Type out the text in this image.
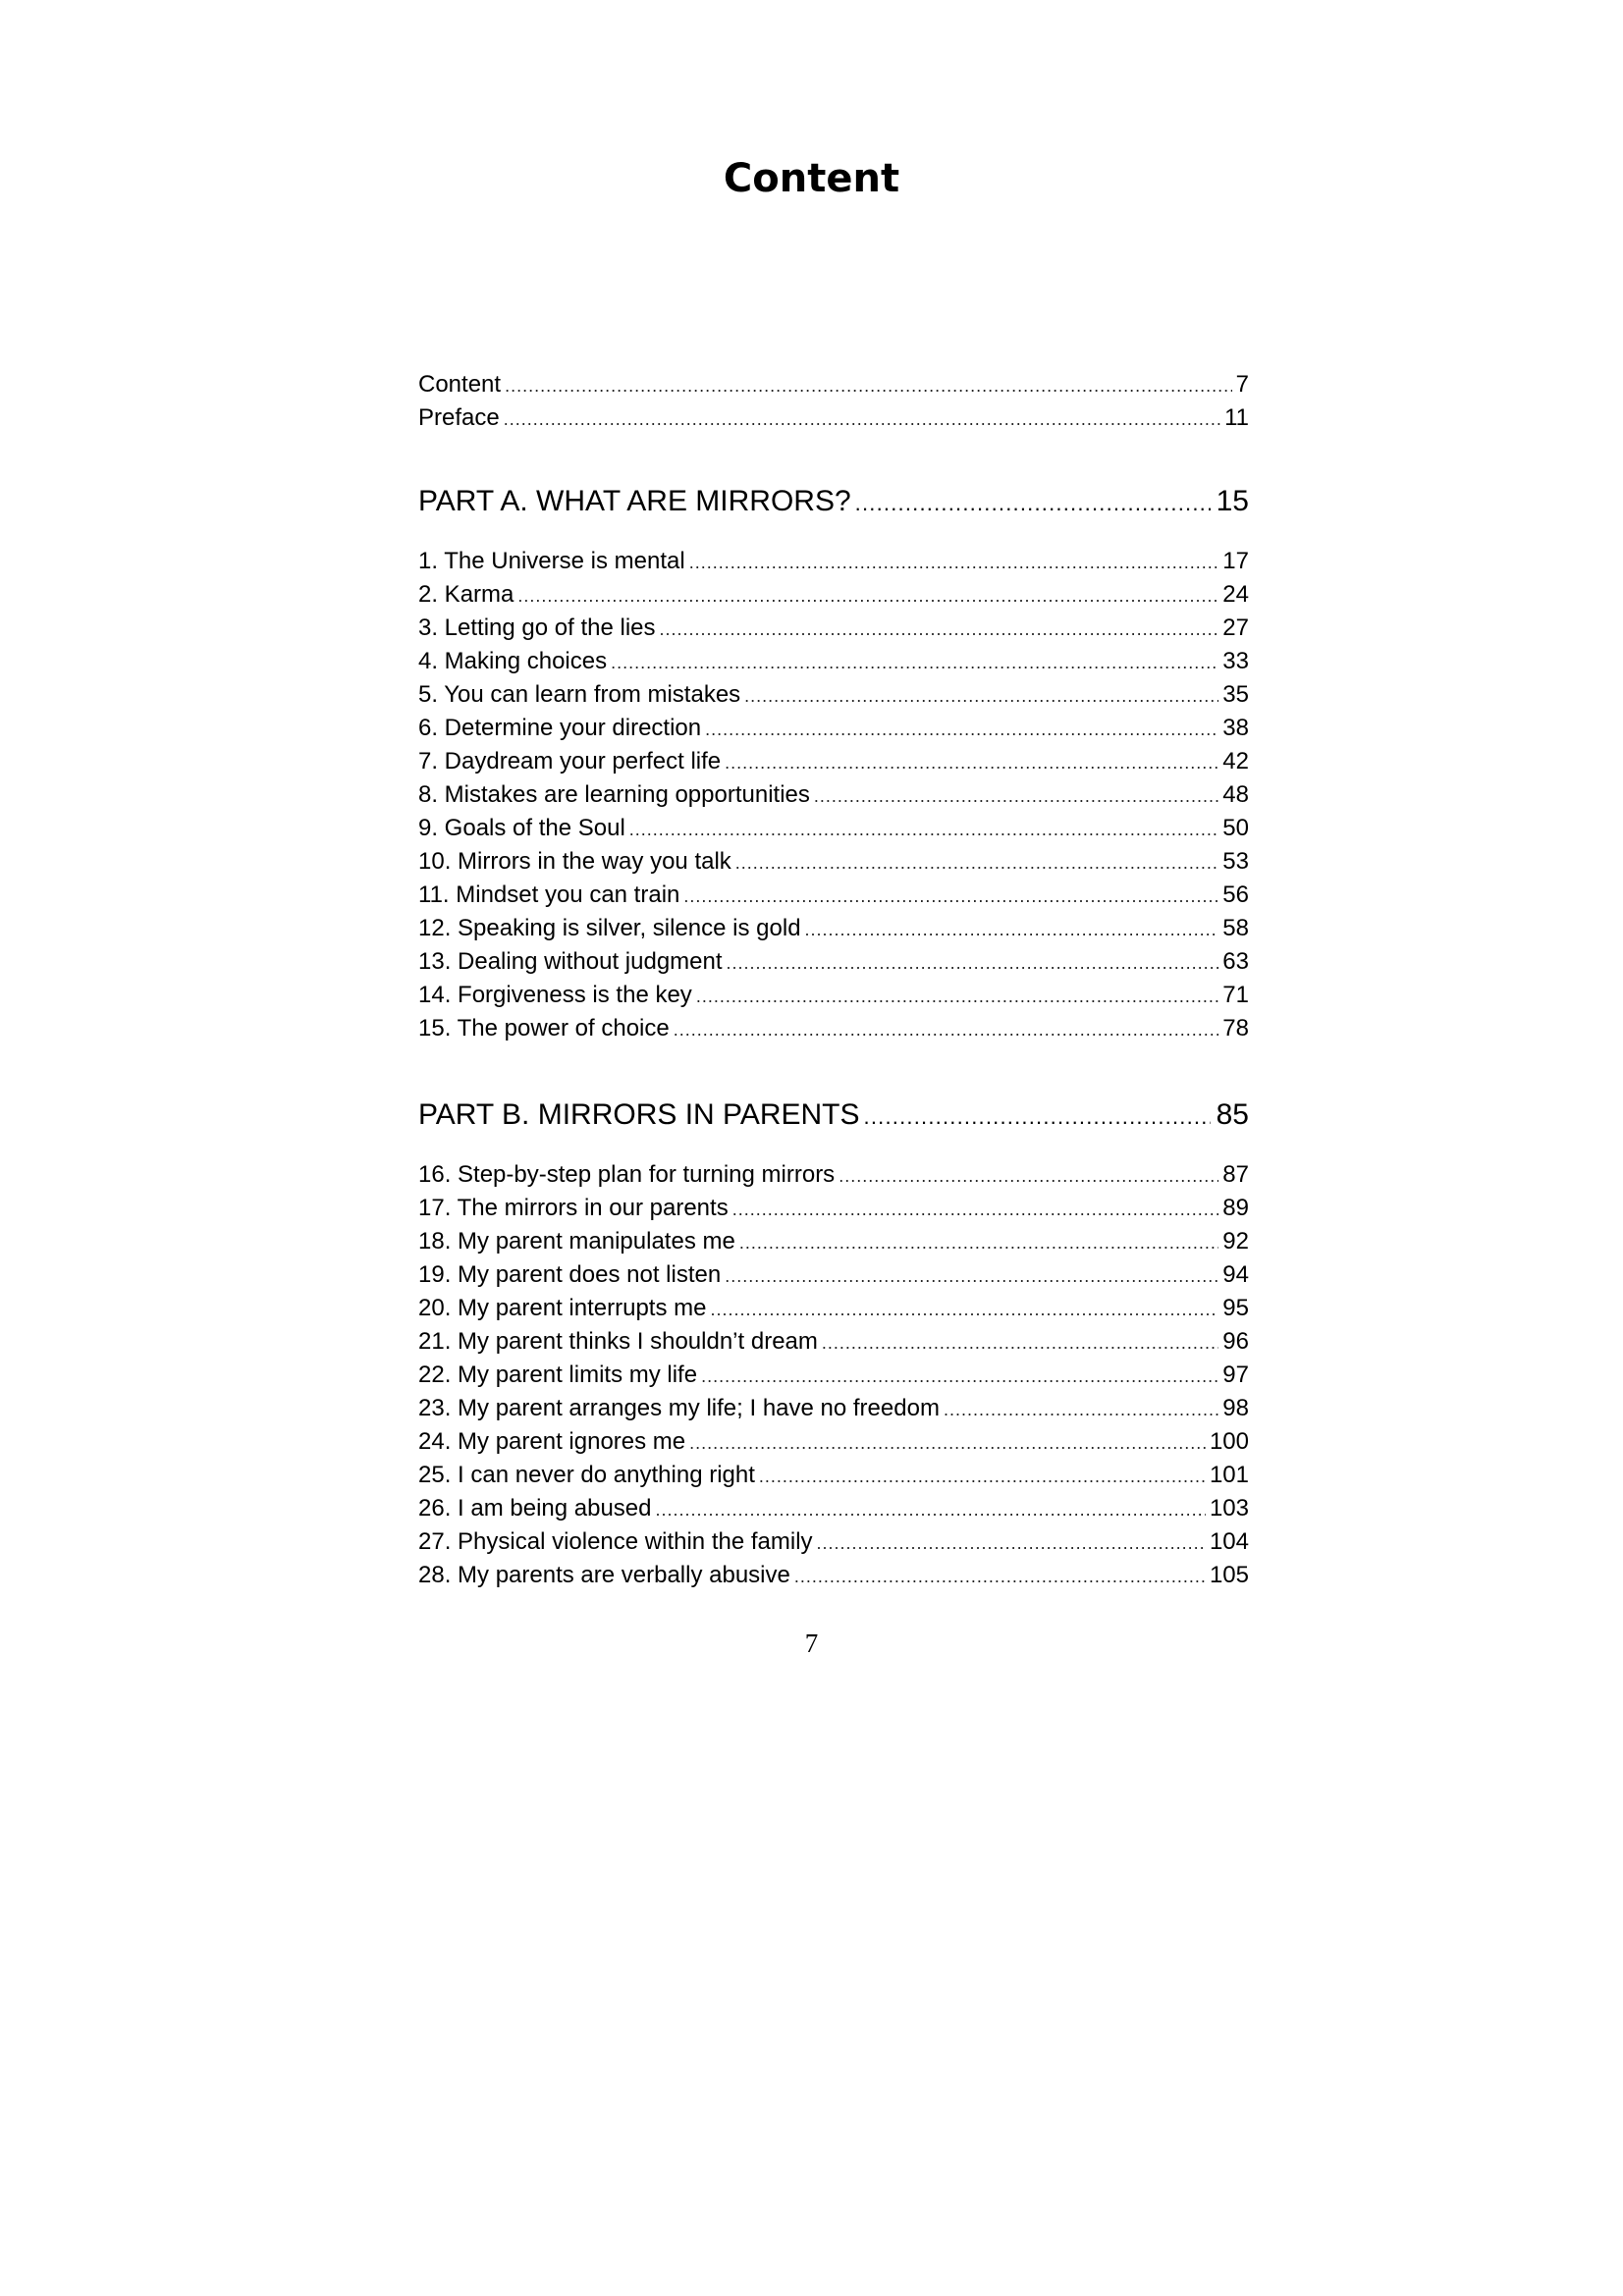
Content
Content .....	7
Preface .....	11
PART A. WHAT ARE MIRRORS? .....	15
1. The Universe is mental .....	17
2. Karma .....	24
3. Letting go of the lies .....	27
4. Making choices .....	33
5. You can learn from mistakes .....	35
6. Determine your direction .....	38
7. Daydream your perfect life .....	42
8. Mistakes are learning opportunities .....	48
9. Goals of the Soul .....	50
10. Mirrors in the way you talk .....	53
11. Mindset you can train .....	56
12. Speaking is silver, silence is gold .....	58
13. Dealing without judgment .....	63
14. Forgiveness is the key .....	71
15. The power of choice .....	78
PART B. MIRRORS IN PARENTS .....	85
16. Step-by-step plan for turning mirrors .....	87
17. The mirrors in our parents .....	89
18. My parent manipulates me .....	92
19. My parent does not listen .....	94
20. My parent interrupts me .....	95
21. My parent thinks I shouldn’t dream .....	96
22. My parent limits my life .....	97
23. My parent arranges my life; I have no freedom .....	98
24. My parent ignores me .....	100
25. I can never do anything right .....	101
26. I am being abused .....	103
27. Physical violence within the family .....	104
28. My parents are verbally abusive .....	105
7
